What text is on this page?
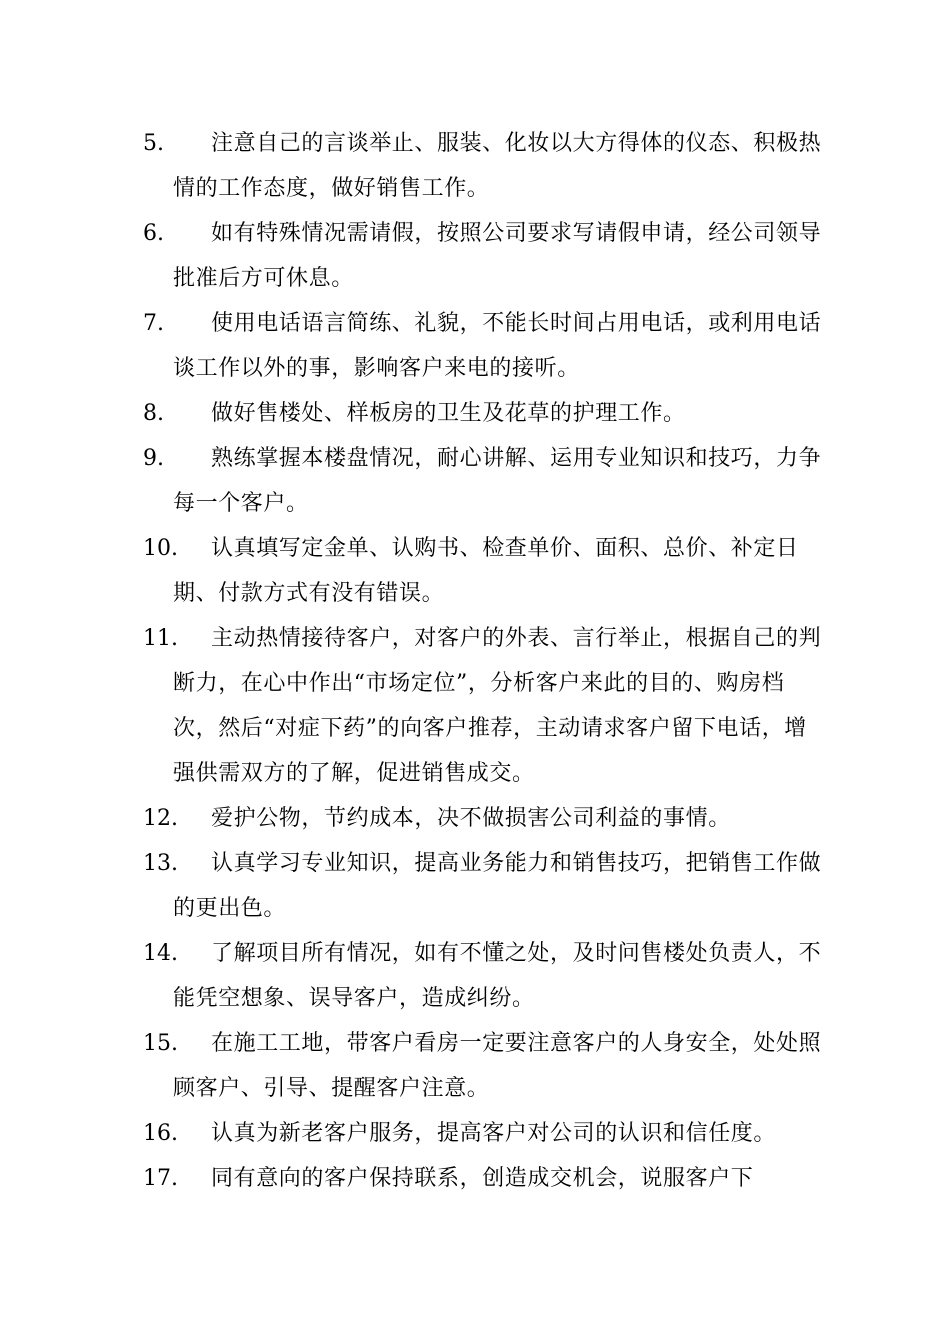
5.	注意自己的言谈举止、服装、化妆以大方得体的仪态、积极热情的工作态度，做好销售工作。
6.	如有特殊情况需请假，按照公司要求写请假申请，经公司领导批准后方可休息。
7.	使用电话语言简练、礼貌，不能长时间占用电话，或利用电话谈工作以外的事，影响客户来电的接听。
8.	做好售楼处、样板房的卫生及花草的护理工作。
9.	熟练掌握本楼盘情况，耐心讲解、运用专业知识和技巧，力争每一个客户。
10.	认真填写定金单、认购书、检查单价、面积、总价、补定日期、付款方式有没有错误。
11.	主动热情接待客户，对客户的外表、言行举止，根据自己的判断力，在心中作出“市场定位”，分析客户来此的目的、购房档次，然后“对症下药”的向客户推荐，主动请求客户留下电话，增强供需双方的了解，促进销售成交。
12.	爱护公物，节约成本，决不做损害公司利益的事情。
13.	认真学习专业知识，提高业务能力和销售技巧，把销售工作做的更出色。
14.	了解项目所有情况，如有不懂之处，及时问售楼处负责人，不能凭空想象、误导客户，造成纠纷。
15.	在施工工地，带客户看房一定要注意客户的人身安全，处处照 顾客户、引导、提醒客户注意。
16.	认真为新老客户服务，提高客户对公司的认识和信任度。
17.	同有意向的客户保持联系，创造成交机会，说服客户下
